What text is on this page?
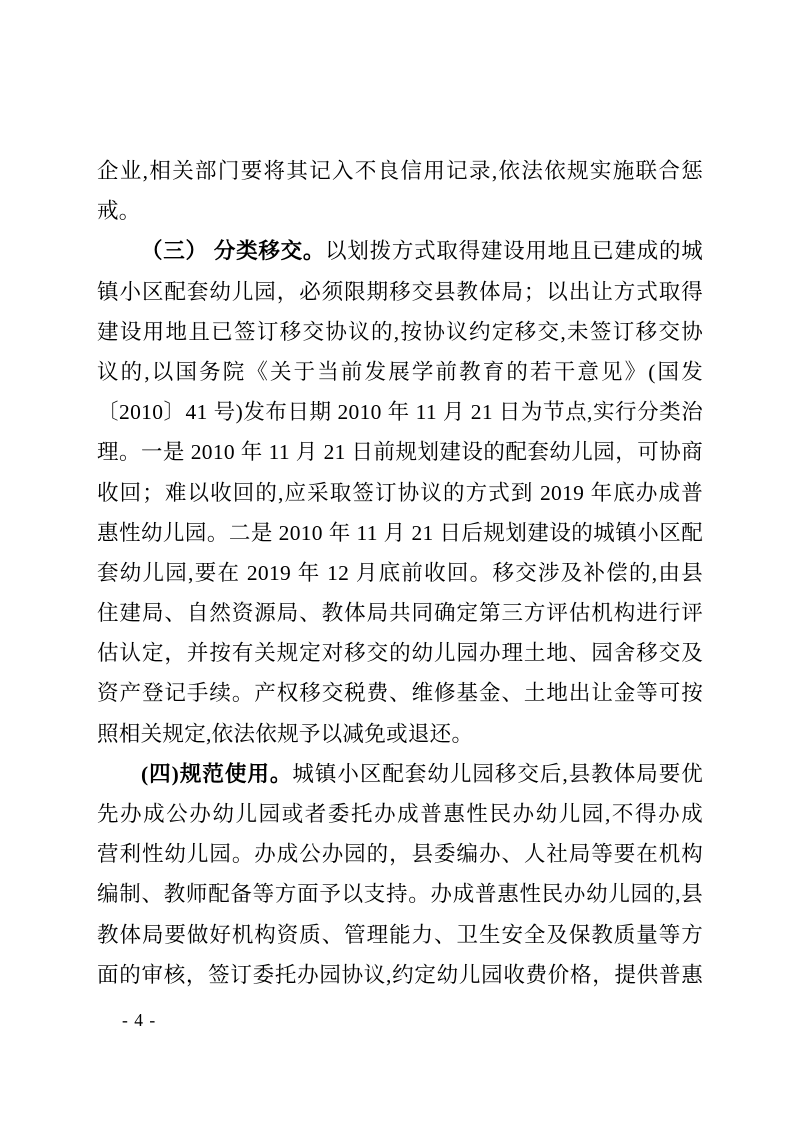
企业,相关部门要将其记入不良信用记录,依法依规实施联合惩
戒。
（三） 分类移交。以划拨方式取得建设用地且已建成的城
镇小区配套幼儿园，必须限期移交县教体局；以出让方式取得
建设用地且已签订移交协议的,按协议约定移交,未签订移交协
议的,以国务院《关于当前发展学前教育的若干意见》(国发
〔2010〕41 号)发布日期 2010 年 11 月 21 日为节点,实行分类治
理。一是 2010 年 11 月 21 日前规划建设的配套幼儿园，可协商
收回；难以收回的,应采取签订协议的方式到 2019 年底办成普
惠性幼儿园。二是 2010 年 11 月 21 日后规划建设的城镇小区配
套幼儿园,要在 2019 年 12 月底前收回。移交涉及补偿的,由县
住建局、自然资源局、教体局共同确定第三方评估机构进行评
估认定，并按有关规定对移交的幼儿园办理土地、园舍移交及
资产登记手续。产权移交税费、维修基金、土地出让金等可按
照相关规定,依法依规予以减免或退还。
(四)规范使用。城镇小区配套幼儿园移交后,县教体局要优
先办成公办幼儿园或者委托办成普惠性民办幼儿园,不得办成
营利性幼儿园。办成公办园的，县委编办、人社局等要在机构
编制、教师配备等方面予以支持。办成普惠性民办幼儿园的,县
教体局要做好机构资质、管理能力、卫生安全及保教质量等方
面的审核，签订委托办园协议,约定幼儿园收费价格，提供普惠
- 4 -
